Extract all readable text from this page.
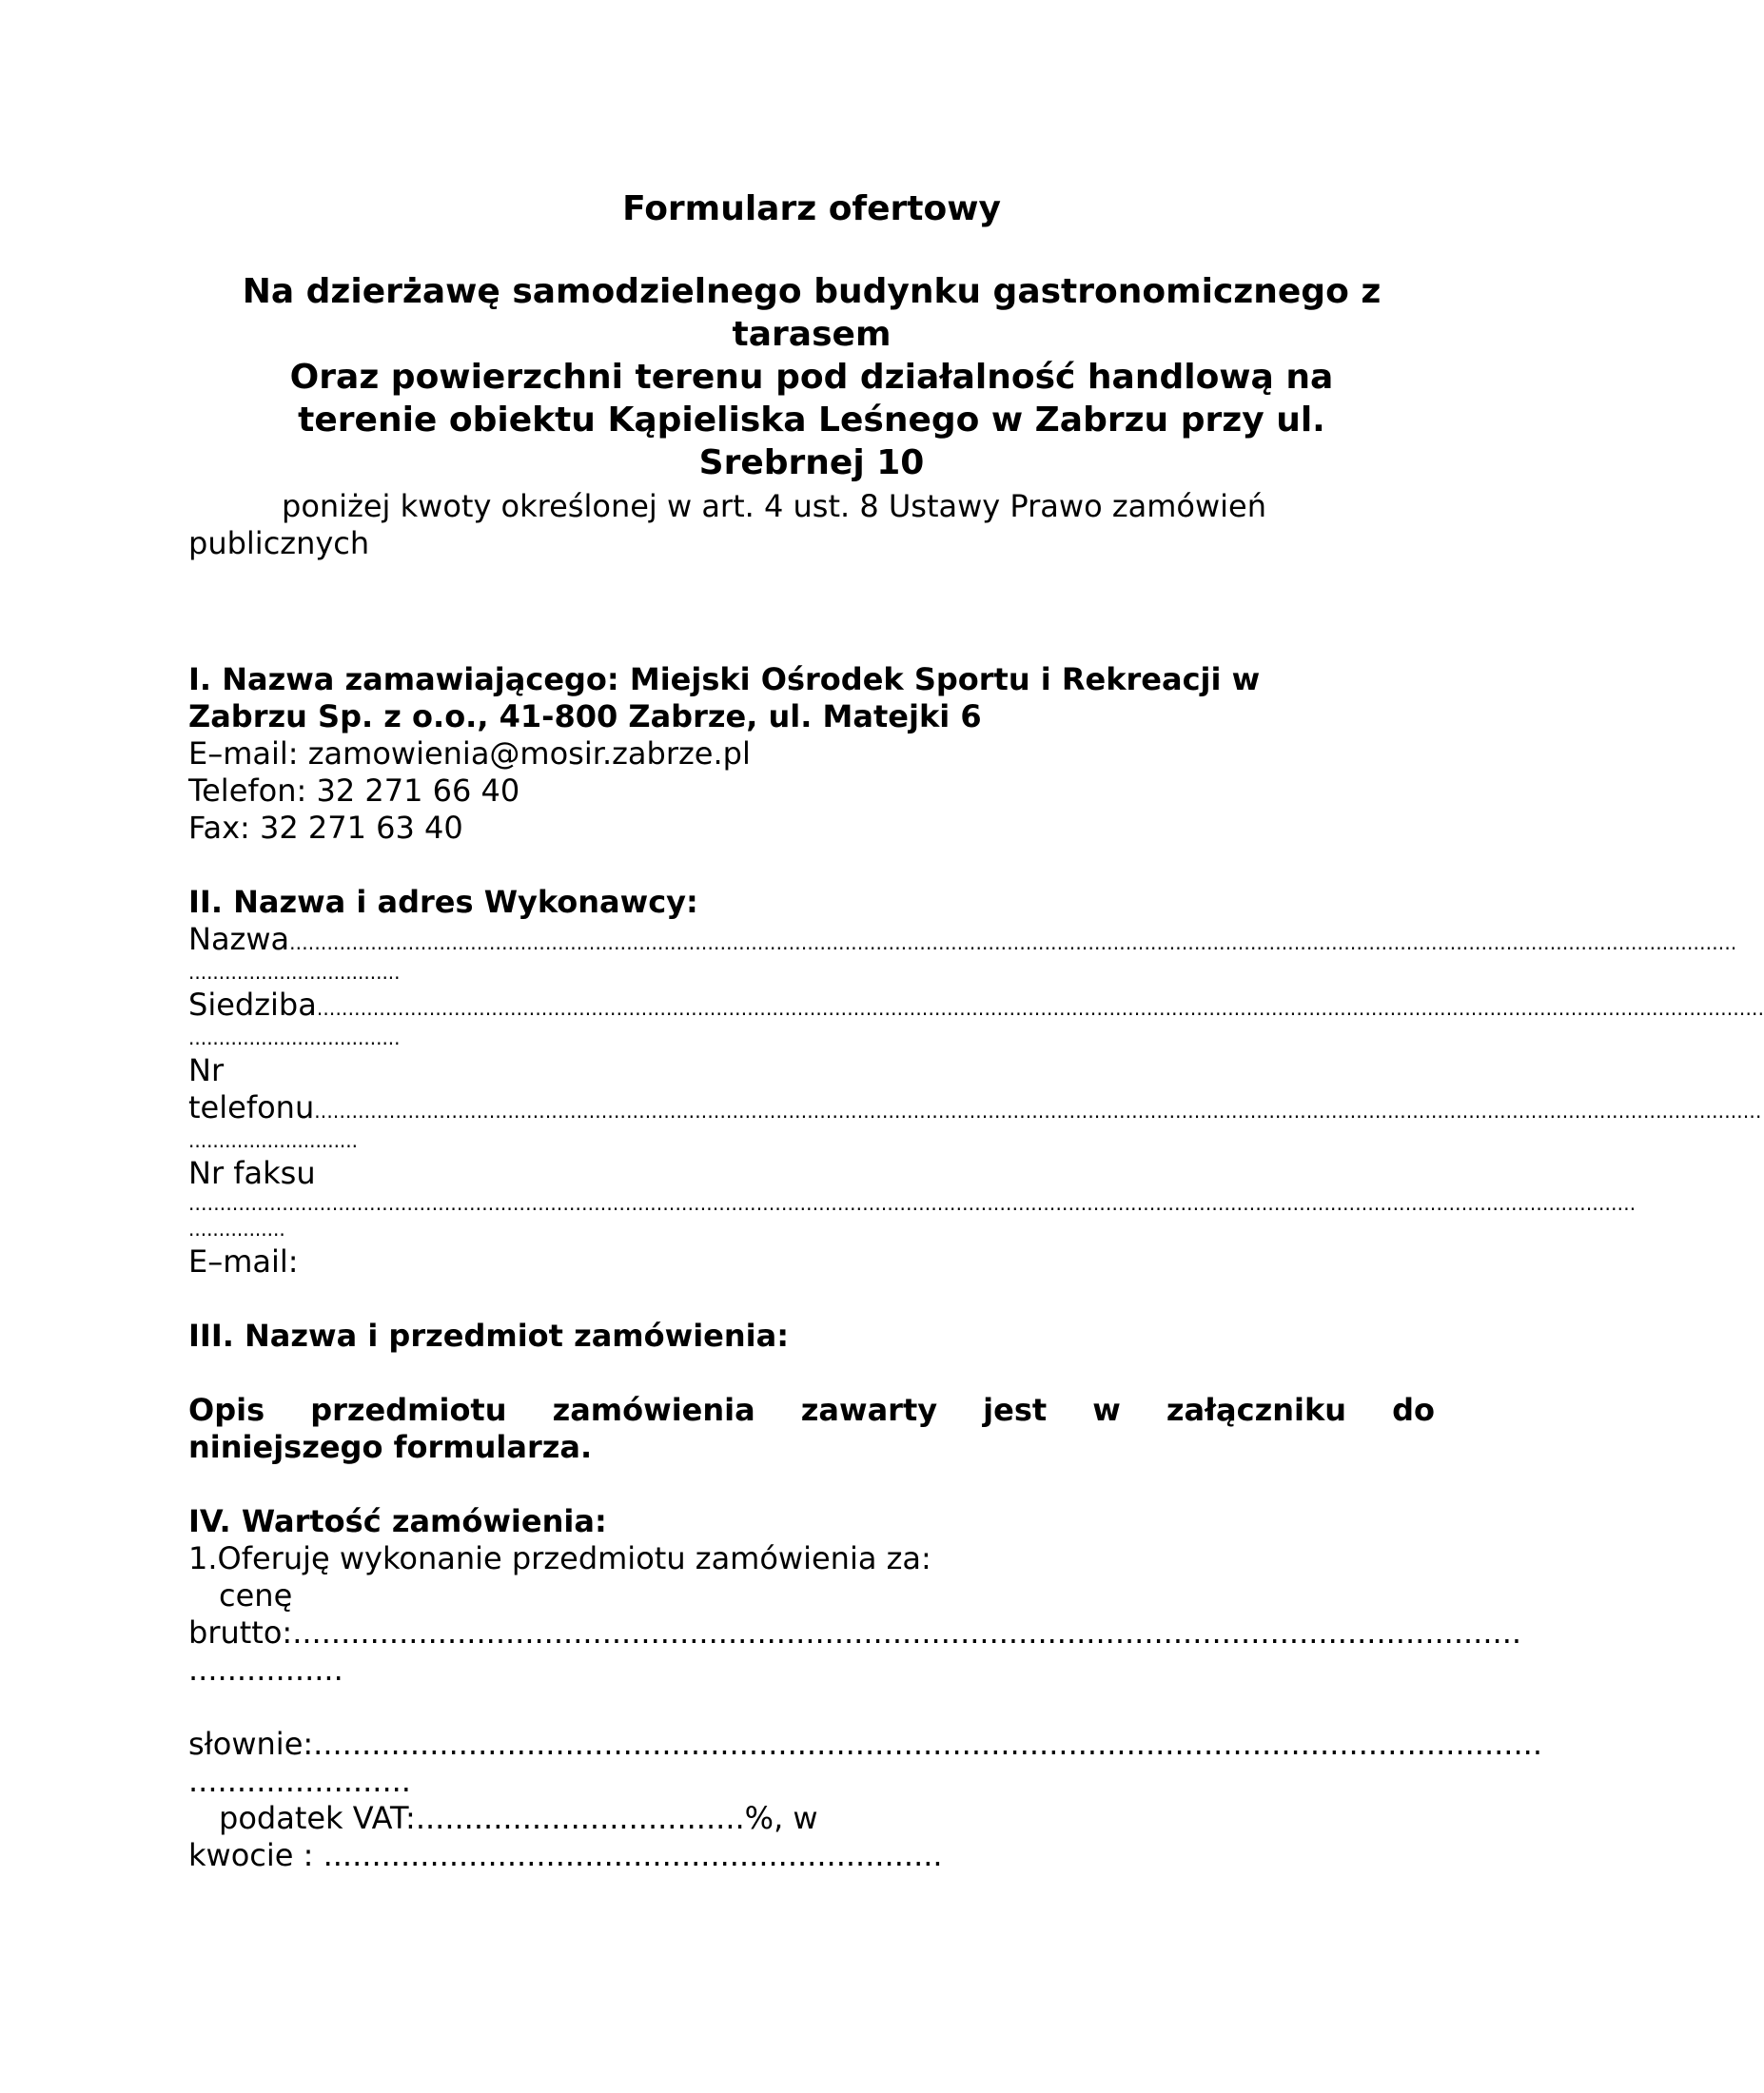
Formularz ofertowy
Na dzierżawę samodzielnego budynku gastronomicznego z
tarasem
Oraz powierzchni terenu pod działalność handlową na
terenie obiektu Kąpieliska Leśnego w Zabrzu przy ul.
Srebrnej 10
poniżej kwoty określonej w art. 4 ust. 8 Ustawy Prawo zamówień
publicznych

I. Nazwa zamawiającego: Miejski Ośrodek Sportu i Rekreacji w

Zabrzu Sp. z o.o., 41-800 Zabrze, ul. Matejki 6

E–mail: zamowienia@mosir.zabrze.pl

Telefon: 32 271 66 40

Fax: 32 271 63 40

II. Nazwa i adres Wykonawcy:

Nazwa ........................................................................................................................................................................................................................................
...................................

Siedziba ........................................................................................................................................................................................................................................
...................................

Nr

telefonu ........................................................................................................................................................................................................................................
............................

Nr faksu

........................................................................................................................................................................................................................................
................

E–mail:

III. Nazwa i przedmiot zamówienia:

Opis przedmiotu zamówienia zawarty jest w załączniku do

niniejszego formularza.

IV. Wartość zamówienia:

1.Oferuję wykonanie przedmiotu zamówienia za:

cenę

brutto: ...............................................................................................................................

................

słownie: ...............................................................................................................................

.......................

podatek VAT:..................................%, w

kwocie : ................................................................
